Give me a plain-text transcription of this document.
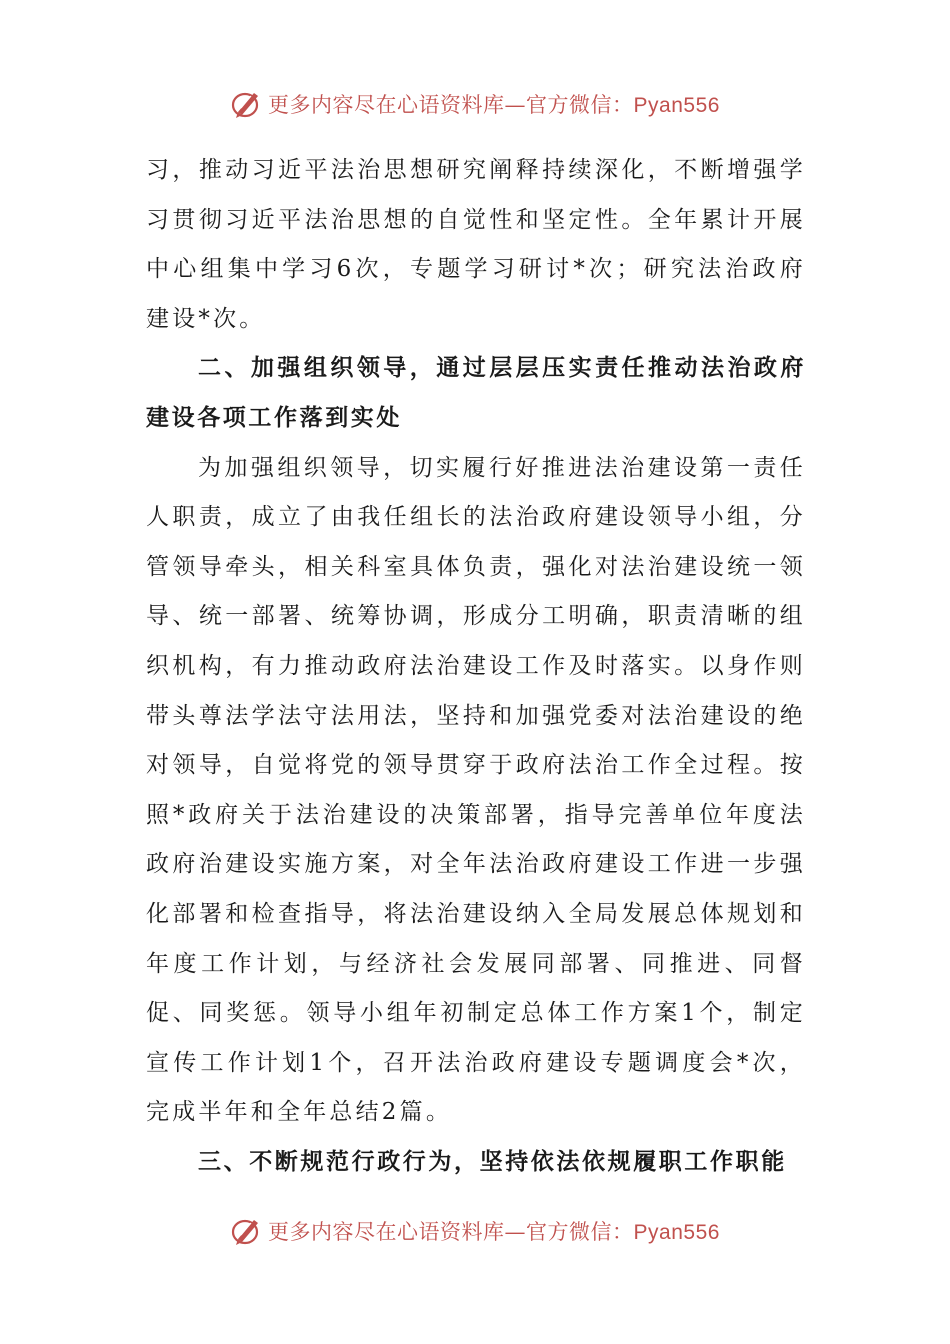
更多内容尽在心语资料库—官方微信：Pyan556

习，推动习近平法治思想研究阐释持续深化，不断增强学习贯彻习近平法治思想的自觉性和坚定性。全年累计开展中心组集中学习6次，专题学习研讨*次；研究法治政府建设*次。

二、加强组织领导，通过层层压实责任推动法治政府建设各项工作落到实处

为加强组织领导，切实履行好推进法治建设第一责任人职责，成立了由我任组长的法治政府建设领导小组，分管领导牵头，相关科室具体负责，强化对法治建设统一领导、统一部署、统筹协调，形成分工明确，职责清晰的组织机构，有力推动政府法治建设工作及时落实。以身作则带头尊法学法守法用法，坚持和加强党委对法治建设的绝对领导，自觉将党的领导贯穿于政府法治工作全过程。按照*政府关于法治建设的决策部署，指导完善单位年度法政府治建设实施方案，对全年法治政府建设工作进一步强化部署和检查指导，将法治建设纳入全局发展总体规划和年度工作计划，与经济社会发展同部署、同推进、同督促、同奖惩。领导小组年初制定总体工作方案1个，制定宣传工作计划1个，召开法治政府建设专题调度会*次，完成半年和全年总结2篇。

三、不断规范行政行为，坚持依法依规履职工作职能

更多内容尽在心语资料库—官方微信：Pyan556
